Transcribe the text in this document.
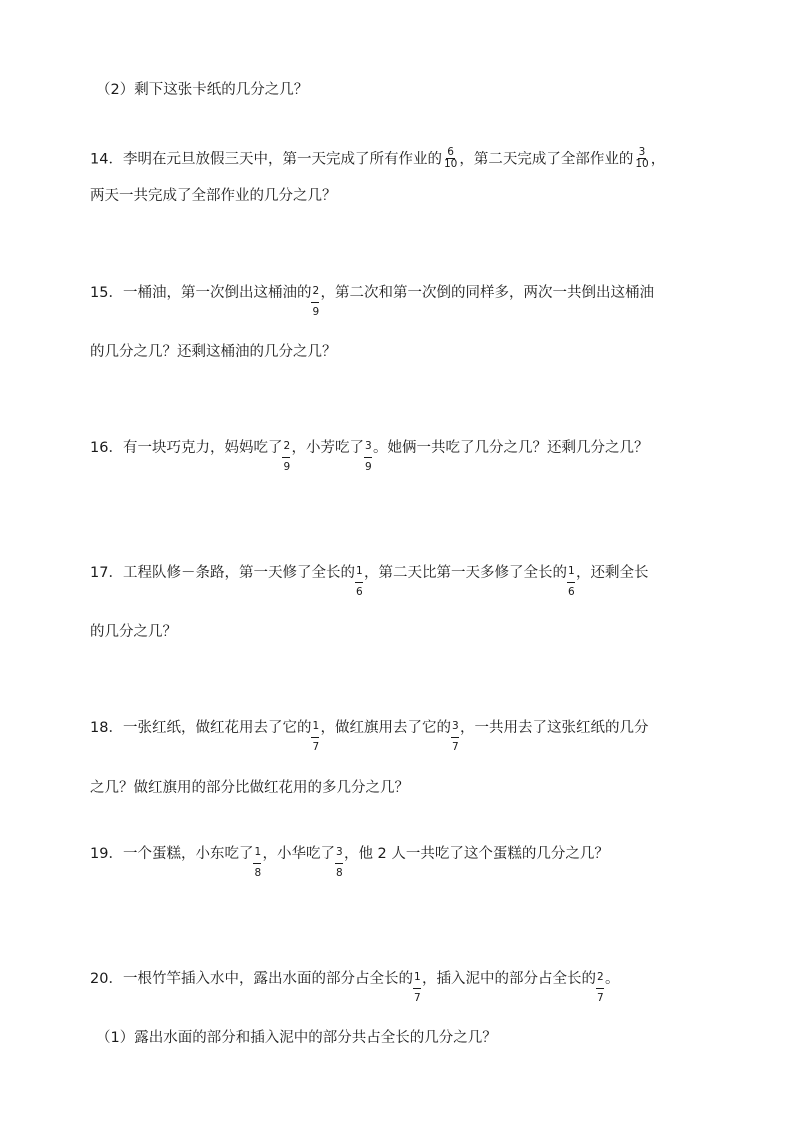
（2）剩下这张卡纸的几分之几？
14．李明在元旦放假三天中，第一天完成了所有作业的 $\frac{6}{10}$ ，第二天完成了全部作业的 $\frac{3}{10}$ ，
两天一共完成了全部作业的几分之几？
15．一桶油，第一次倒出这桶油的 $\frac{2}{9}$ ，第二次和第一次倒的同样多，两次一共倒出这桶油
的几分之几？还剩这桶油的几分之几？
16．有一块巧克力，妈妈吃了 $\frac{2}{9}$ ，小芳吃了 $\frac{3}{9}$ 。她俩一共吃了几分之几？还剩几分之几？
17．工程队修－条路，第一天修了全长的 $\frac{1}{6}$ ，第二天比第一天多修了全长的 $\frac{1}{6}$ ，还剩全长
的几分之几？
18．一张红纸，做红花用去了它的 $\frac{1}{7}$ ，做红旗用去了它的 $\frac{3}{7}$ ，一共用去了这张红纸的几分
之几？做红旗用的部分比做红花用的多几分之几？
19．一个蛋糕，小东吃了 $\frac{1}{8}$ ，小华吃了 $\frac{3}{8}$ ，他 2 人一共吃了这个蛋糕的几分之几？
20．一根竹竿插入水中，露出水面的部分占全长的 $\frac{1}{7}$ ，插入泥中的部分占全长的 $\frac{2}{7}$ 。
（1）露出水面的部分和插入泥中的部分共占全长的几分之几？
